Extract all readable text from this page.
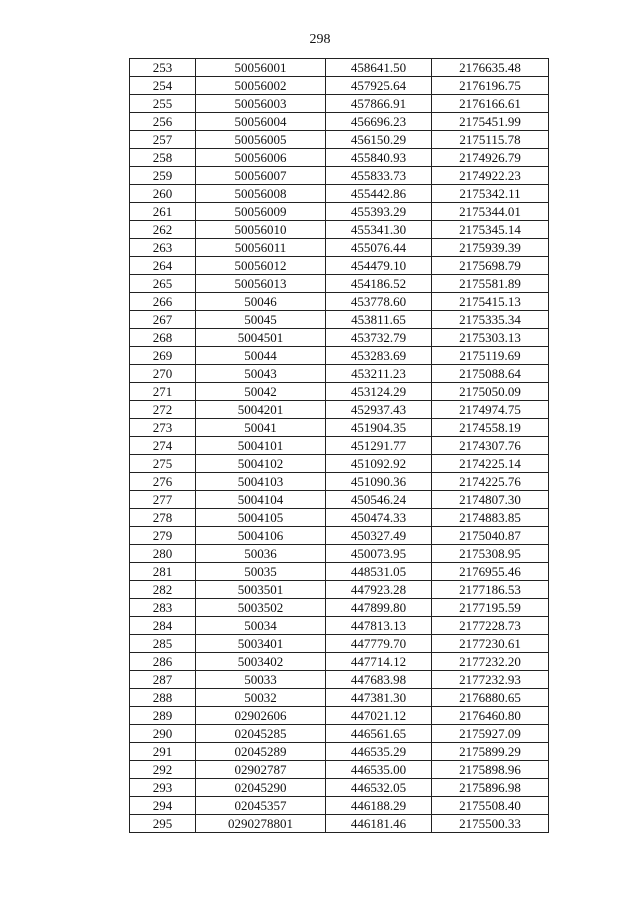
298
253	50056001	458641.50	2176635.48
254	50056002	457925.64	2176196.75
255	50056003	457866.91	2176166.61
256	50056004	456696.23	2175451.99
257	50056005	456150.29	2175115.78
258	50056006	455840.93	2174926.79
259	50056007	455833.73	2174922.23
260	50056008	455442.86	2175342.11
261	50056009	455393.29	2175344.01
262	50056010	455341.30	2175345.14
263	50056011	455076.44	2175939.39
264	50056012	454479.10	2175698.79
265	50056013	454186.52	2175581.89
266	50046	453778.60	2175415.13
267	50045	453811.65	2175335.34
268	5004501	453732.79	2175303.13
269	50044	453283.69	2175119.69
270	50043	453211.23	2175088.64
271	50042	453124.29	2175050.09
272	5004201	452937.43	2174974.75
273	50041	451904.35	2174558.19
274	5004101	451291.77	2174307.76
275	5004102	451092.92	2174225.14
276	5004103	451090.36	2174225.76
277	5004104	450546.24	2174807.30
278	5004105	450474.33	2174883.85
279	5004106	450327.49	2175040.87
280	50036	450073.95	2175308.95
281	50035	448531.05	2176955.46
282	5003501	447923.28	2177186.53
283	5003502	447899.80	2177195.59
284	50034	447813.13	2177228.73
285	5003401	447779.70	2177230.61
286	5003402	447714.12	2177232.20
287	50033	447683.98	2177232.93
288	50032	447381.30	2176880.65
289	02902606	447021.12	2176460.80
290	02045285	446561.65	2175927.09
291	02045289	446535.29	2175899.29
292	02902787	446535.00	2175898.96
293	02045290	446532.05	2175896.98
294	02045357	446188.29	2175508.40
295	0290278801	446181.46	2175500.33
